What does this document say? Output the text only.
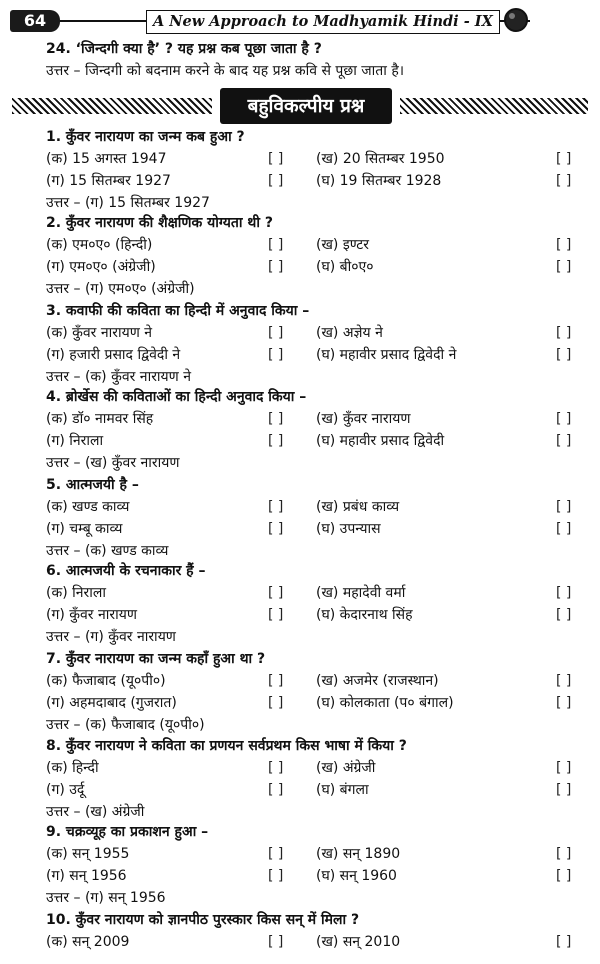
64	A New Approach to Madhyamik Hindi - IX
24. ‘जिन्दगी क्या है’ ? यह प्रश्न कब पूछा जाता है ?
उत्तर – जिन्दगी को बदनाम करने के बाद यह प्रश्न कवि से पूछा जाता है।
बहुविकल्पीय प्रश्न
1. कुँवर नारायण का जन्म कब हुआ ?
(क) 15 अगस्त 1947	[ ] (ख) 20 सितम्बर 1950	[ ]
(ग) 15 सितम्बर 1927	[ ] (घ) 19 सितम्बर 1928	[ ]
उत्तर – (ग) 15 सितम्बर 1927
2. कुँवर नारायण की शैक्षणिक योग्यता थी ?
(क) एम०ए० (हिन्दी)	[ ] (ख) इण्टर	[ ]
(ग) एम०ए० (अंग्रेजी)	[ ] (घ) बी०ए०	[ ]
उत्तर – (ग) एम०ए० (अंग्रेजी)
3. कवाफी की कविता का हिन्दी में अनुवाद किया –
(क) कुँवर नारायण ने	[ ] (ख) अज्ञेय ने	[ ]
(ग) हजारी प्रसाद द्विवेदी ने	[ ] (घ) महावीर प्रसाद द्विवेदी ने	[ ]
उत्तर – (क) कुँवर नारायण ने
4. ब्रोर्खेस की कविताओं का हिन्दी अनुवाद किया –
(क) डॉ० नामवर सिंह	[ ] (ख) कुँवर नारायण	[ ]
(ग) निराला	[ ] (घ) महावीर प्रसाद द्विवेदी	[ ]
उत्तर – (ख) कुँवर नारायण
5. आत्मजयी है –
(क) खण्ड काव्य	[ ] (ख) प्रबंध काव्य	[ ]
(ग) चम्बू काव्य	[ ] (घ) उपन्यास	[ ]
उत्तर – (क) खण्ड काव्य
6. आत्मजयी के रचनाकार हैं –
(क) निराला	[ ] (ख) महादेवी वर्मा	[ ]
(ग) कुँवर नारायण	[ ] (घ) केदारनाथ सिंह	[ ]
उत्तर – (ग) कुँवर नारायण
7. कुँवर नारायण का जन्म कहाँ हुआ था ?
(क) फैजाबाद (यू०पी०)	[ ] (ख) अजमेर (राजस्थान)	[ ]
(ग) अहमदाबाद (गुजरात)	[ ] (घ) कोलकाता (प० बंगाल)	[ ]
उत्तर – (क) फैजाबाद (यू०पी०)
8. कुँवर नारायण ने कविता का प्रणयन सर्वप्रथम किस भाषा में किया ?
(क) हिन्दी	[ ] (ख) अंग्रेजी	[ ]
(ग) उर्दू	[ ] (घ) बंगला	[ ]
उत्तर – (ख) अंग्रेजी
9. चक्रव्यूह का प्रकाशन हुआ –
(क) सन् 1955	[ ] (ख) सन् 1890	[ ]
(ग) सन् 1956	[ ] (घ) सन् 1960	[ ]
उत्तर – (ग) सन् 1956
10. कुँवर नारायण को ज्ञानपीठ पुरस्कार किस सन् में मिला ?
(क) सन् 2009	[ ] (ख) सन् 2010	[ ]
